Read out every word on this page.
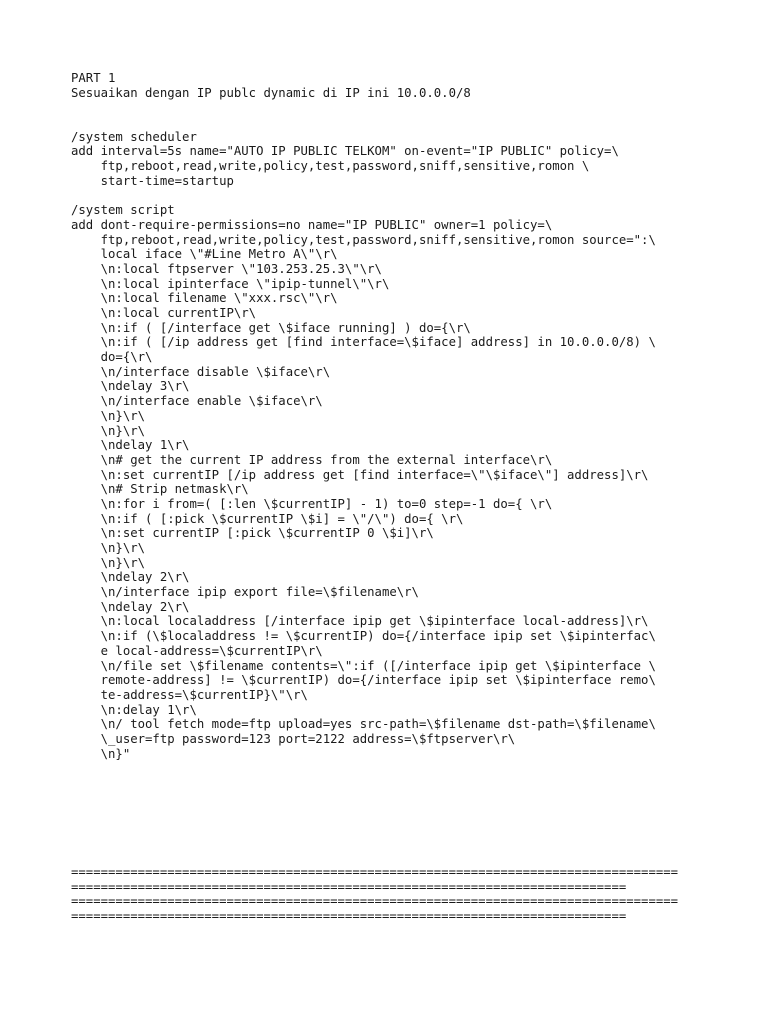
PART 1
Sesuaikan dengan IP publc dynamic di IP ini 10.0.0.0/8
/system scheduler
add interval=5s name="AUTO IP PUBLIC TELKOM" on-event="IP PUBLIC" policy=\
ftp,reboot,read,write,policy,test,password,sniff,sensitive,romon \
start-time=startup
/system script
add dont-require-permissions=no name="IP PUBLIC" owner=1 policy=\
ftp,reboot,read,write,policy,test,password,sniff,sensitive,romon source=":\
local iface \"#Line Metro A\"\r\
\n:local ftpserver \"103.253.25.3\"\r\
\n:local ipinterface \"ipip-tunnel\"\r\
\n:local filename \"xxx.rsc\"\r\
\n:local currentIP\r\
\n:if ( [/interface get \$iface running] ) do={\r\
\n:if ( [/ip address get [find interface=\$iface] address] in 10.0.0.0/8) \
do={\r\
\n/interface disable \$iface\r\
\ndelay 3\r\
\n/interface enable \$iface\r\
\n}\r\
\n}\r\
\ndelay 1\r\
\n# get the current IP address from the external interface\r\
\n:set currentIP [/ip address get [find interface=\"\$iface\"] address]\r\
\n# Strip netmask\r\
\n:for i from=( [:len \$currentIP] - 1) to=0 step=-1 do={ \r\
\n:if ( [:pick \$currentIP \$i] = \"/\") do={ \r\
\n:set currentIP [:pick \$currentIP 0 \$i]\r\
\n}\r\
\n}\r\
\ndelay 2\r\
\n/interface ipip export file=\$filename\r\
\ndelay 2\r\
\n:local localaddress [/interface ipip get \$ipinterface local-address]\r\
\n:if (\$localaddress != \$currentIP) do={/interface ipip set \$ipinterfac\
e local-address=\$currentIP\r\
\n/file set \$filename contents=\":if ([/interface ipip get \$ipinterface \
remote-address] != \$currentIP) do={/interface ipip set \$ipinterface remo\
te-address=\$currentIP}\"\r\
\n:delay 1\r\
\n/ tool fetch mode=ftp upload=yes src-path=\$filename dst-path=\$filename\
\_user=ftp password=123 port=2122 address=\$ftpserver\r\
\n}"
==================================================================================
===========================================================================
==================================================================================
===========================================================================
